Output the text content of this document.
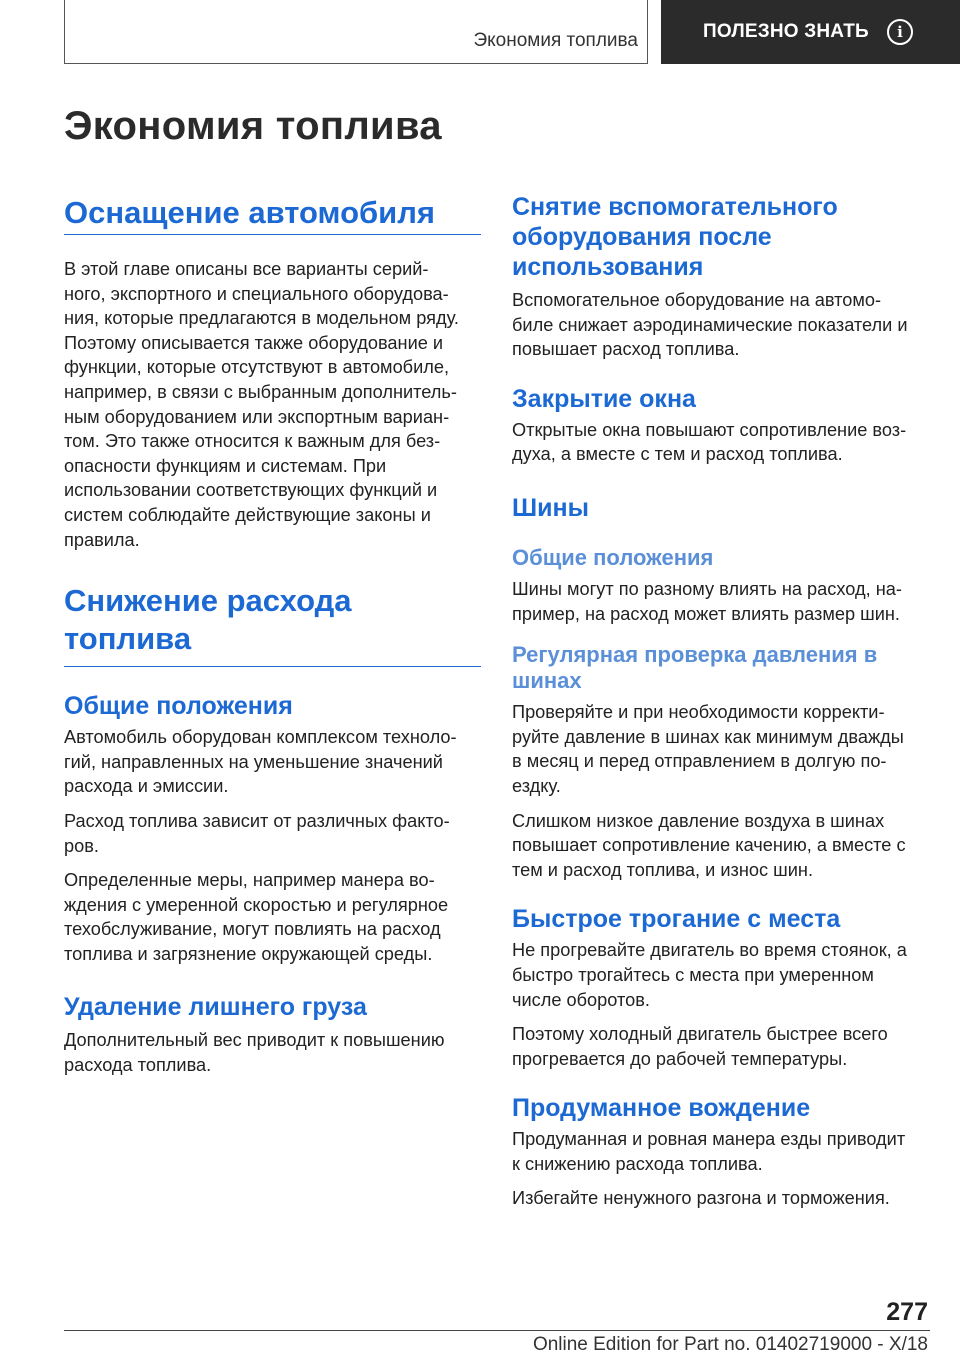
Экономия топлива	ПОЛЕЗНО ЗНАТЬ	i
Экономия топлива
Оснащение автомобиля

В этой главе описаны все варианты серий-
ного, экспортного и специального оборудова-
ния, которые предлагаются в модельном ряду.
Поэтому описывается также оборудование и
функции, которые отсутствуют в автомобиле,
например, в связи с выбранным дополнитель-
ным оборудованием или экспортным вариан-
том. Это также относится к важным для без-
опасности функциям и системам. При
использовании соответствующих функций и
систем соблюдайте действующие законы и
правила.

Снижение расхода
топлива
Общие положения

Автомобиль оборудован комплексом техноло-
гий, направленных на уменьшение значений
расхода и эмиссии.

Расход топлива зависит от различных факто-
ров.

Определенные меры, например манера во-
ждения с умеренной скоростью и регулярное
техобслуживание, могут повлиять на расход
топлива и загрязнение окружающей среды.

Удаление лишнего груза

Дополнительный вес приводит к повышению
расхода топлива.

Снятие вспомогательного
оборудования после
использования

Вспомогательное оборудование на автомо-
биле снижает аэродинамические показатели и
повышает расход топлива.

Закрытие окна

Открытые окна повышают сопротивление воз-
духа, а вместе с тем и расход топлива.

Шины
Общие положения

Шины могут по разному влиять на расход, на-
пример, на расход может влиять размер шин.

Регулярная проверка давления в
шинах

Проверяйте и при необходимости корректи-
руйте давление в шинах как минимум дважды
в месяц и перед отправлением в долгую по-
ездку.

Слишком низкое давление воздуха в шинах
повышает сопротивление качению, а вместе с
тем и расход топлива, и износ шин.

Быстрое трогание с места

Не прогревайте двигатель во время стоянок, а
быстро трогайтесь с места при умеренном
числе оборотов.

Поэтому холодный двигатель быстрее всего
прогревается до рабочей температуры.

Продуманное вождение

Продуманная и ровная манера езды приводит
к снижению расхода топлива.

Избегайте ненужного разгона и торможения.

277
Online Edition for Part no. 01402719000 - X/18
